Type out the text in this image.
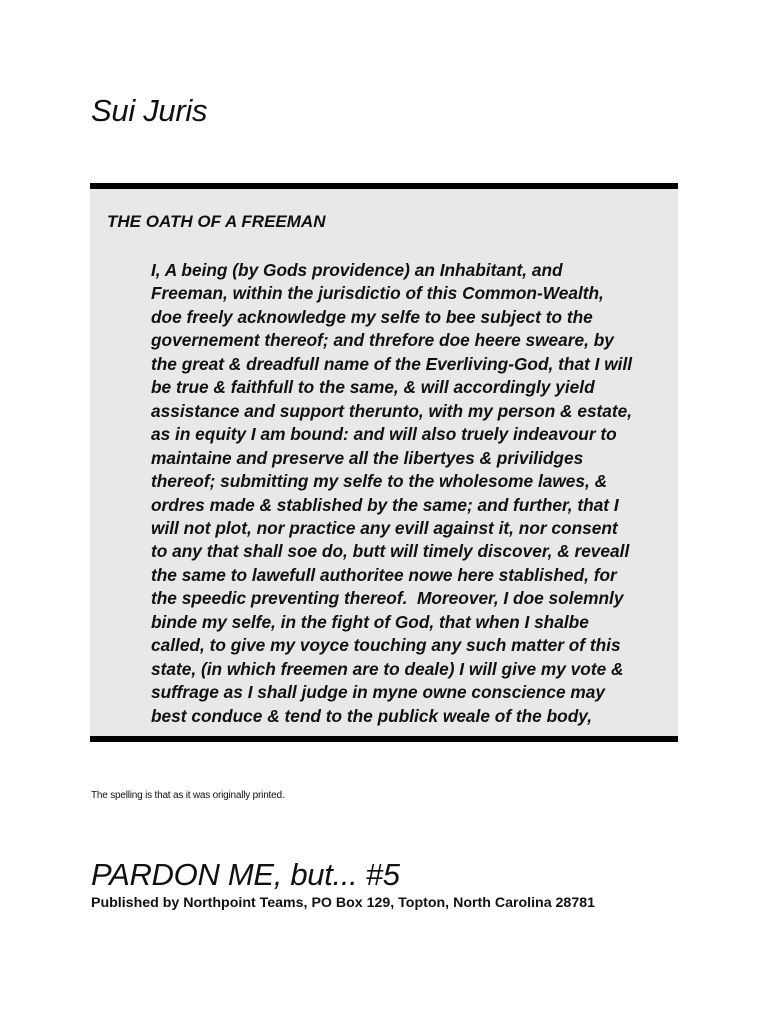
Sui Juris
THE OATH OF A FREEMAN
I, A being (by Gods providence) an Inhabitant, and
Freeman, within the jurisdictio of this Common-Wealth,
doe freely acknowledge my selfe to bee subject to the
governement thereof; and threfore doe heere sweare, by
the great & dreadfull name of the Everliving-God, that I will
be true & faithfull to the same, & will accordingly yield
assistance and support therunto, with my person & estate,
as in equity I am bound: and will also truely indeavour to
maintaine and preserve all the libertyes & privilidges
thereof; submitting my selfe to the wholesome lawes, &
ordres made & stablished by the same; and further, that I
will not plot, nor practice any evill against it, nor consent
to any that shall soe do, butt will timely discover, & reveall
the same to lawefull authoritee nowe here stablished, for
the speedic preventing thereof.  Moreover, I doe solemnly
binde my selfe, in the fight of God, that when I shalbe
called, to give my voyce touching any such matter of this
state, (in which freemen are to deale) I will give my vote &
suffrage as I shall judge in myne owne conscience may
best conduce & tend to the publick weale of the body,
The spelling is that as it was originally printed.
PARDON ME, but... #5
Published by Northpoint Teams, PO Box 129, Topton, North Carolina 28781
